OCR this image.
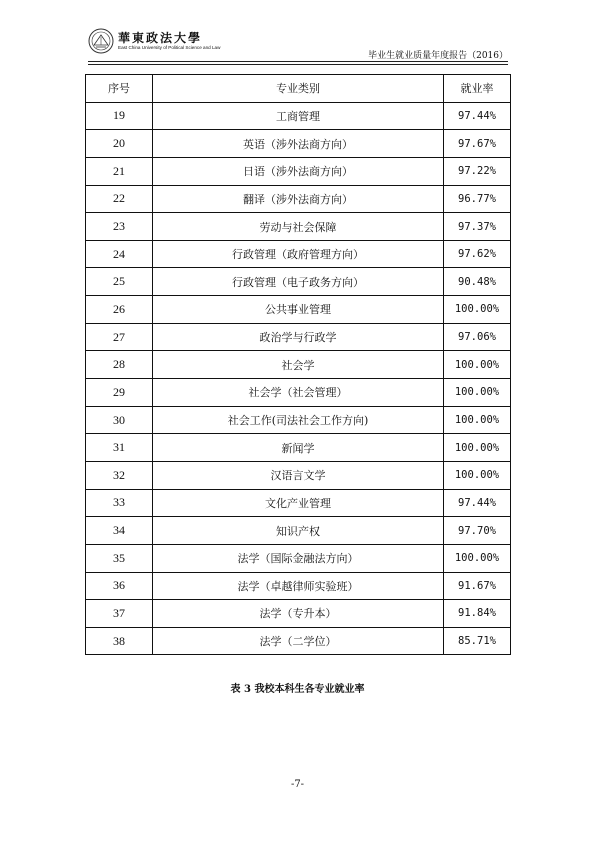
華東政法大學
East China University of Political Science and Law
毕业生就业质量年度报告（2016）
序号	专业类别	就业率
19	工商管理	97.44%
20	英语（涉外法商方向）	97.67%
21	日语（涉外法商方向）	97.22%
22	翻译（涉外法商方向）	96.77%
23	劳动与社会保障	97.37%
24	行政管理（政府管理方向）	97.62%
25	行政管理（电子政务方向）	90.48%
26	公共事业管理	100.00%
27	政治学与行政学	97.06%
28	社会学	100.00%
29	社会学（社会管理）	100.00%
30	社会工作(司法社会工作方向)	100.00%
31	新闻学	100.00%
32	汉语言文学	100.00%
33	文化产业管理	97.44%
34	知识产权	97.70%
35	法学（国际金融法方向）	100.00%
36	法学（卓越律师实验班）	91.67%
37	法学（专升本）	91.84%
38	法学（二学位）	85.71%
表 3 我校本科生各专业就业率
-7-
